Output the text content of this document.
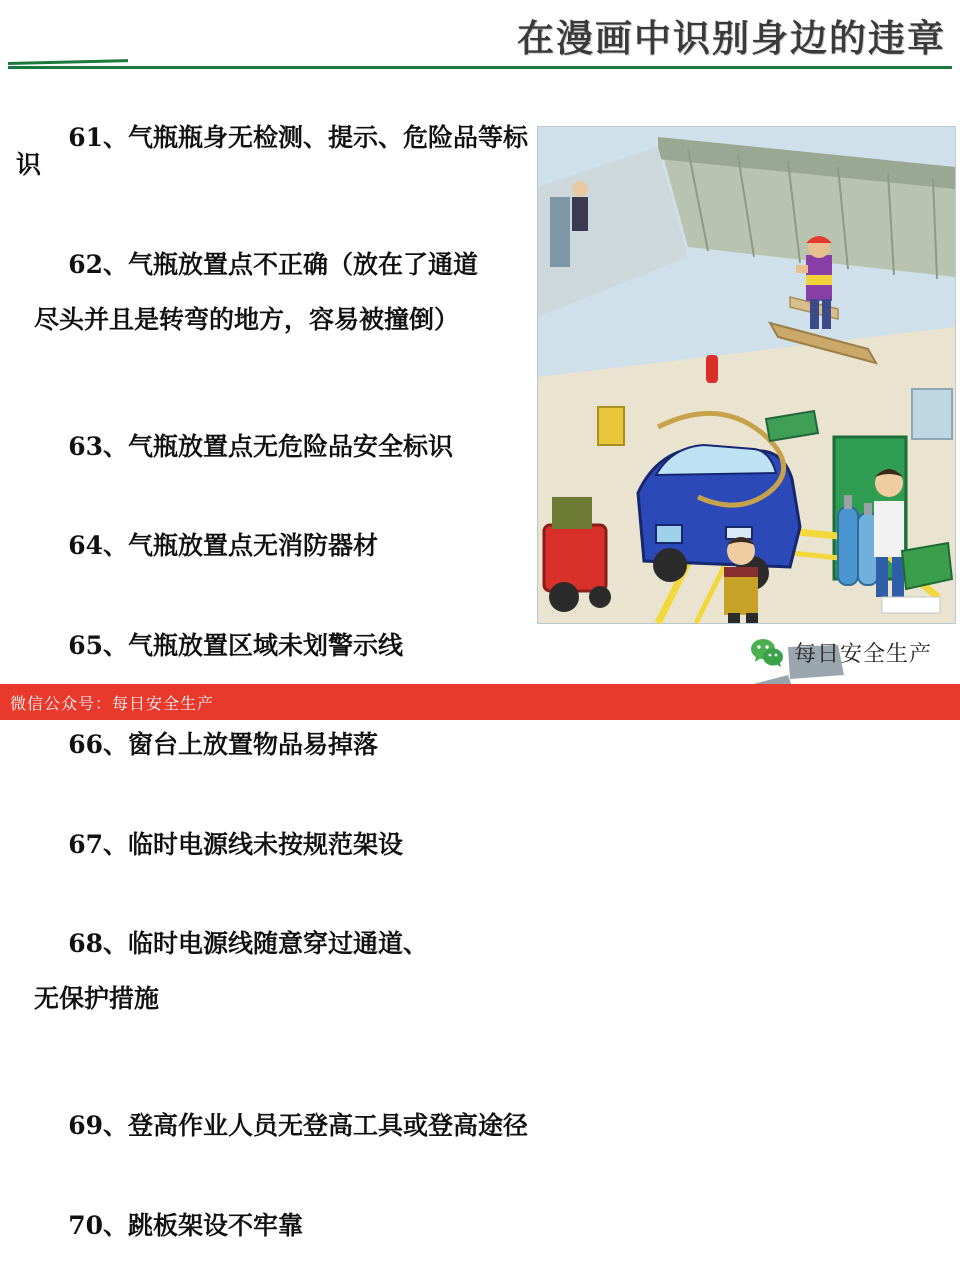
在漫画中识别身边的违章

61、气瓶瓶身无检测、提示、危险品等标识

62、气瓶放置点不正确（放在了通道

尽头并且是转弯的地方，容易被撞倒）

63、气瓶放置点无危险品安全标识

64、气瓶放置点无消防器材

65、气瓶放置区域未划警示线

66、窗台上放置物品易掉落

67、临时电源线未按规范架设

68、临时电源线随意穿过通道、

无保护措施

69、登高作业人员无登高工具或登高途径

70、跳板架设不牢靠

每日安全生产
微信公众号：每日安全生产
